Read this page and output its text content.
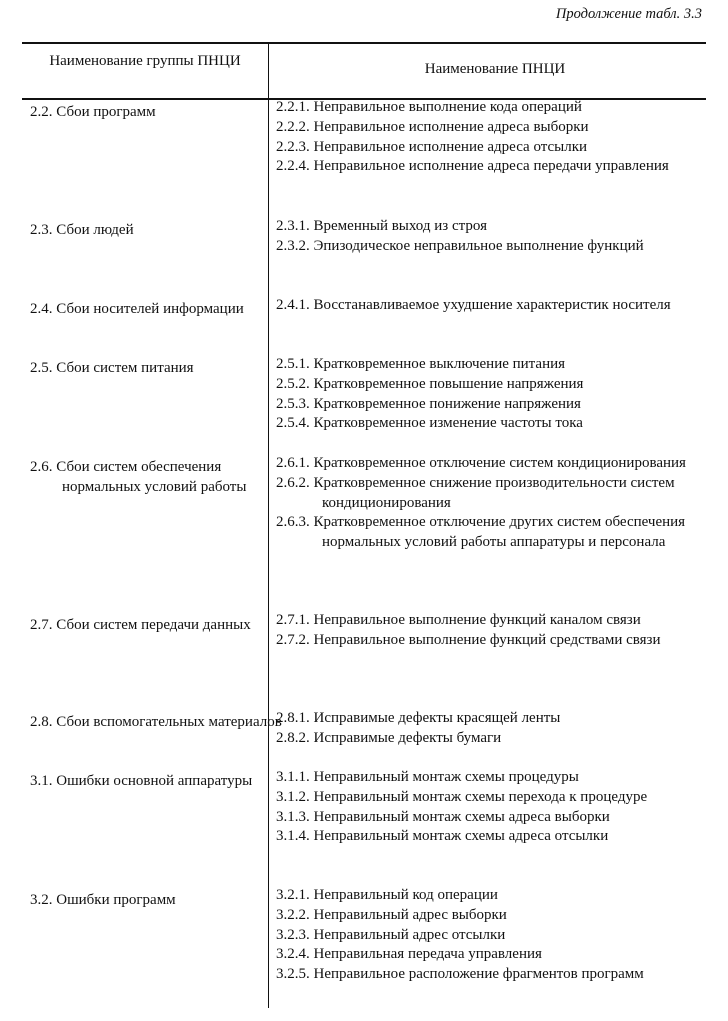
Продолжение табл. 3.3
Наименование группы ПНЦИ	Наименование ПНЦИ
2.2. Сбои программ	2.2.1. Неправильное выполнение кода операций
2.2.2. Неправильное исполнение адреса выборки
2.2.3. Неправильное исполнение адреса отсылки
2.2.4. Неправильное исполнение адреса передачи управления
2.3. Сбои людей	2.3.1. Временный выход из строя
2.3.2. Эпизодическое неправильное выполнение функций
2.4. Сбои носителей информации	2.4.1. Восстанавливаемое ухудшение характеристик носителя
2.5. Сбои систем питания	2.5.1. Кратковременное выключение питания
2.5.2. Кратковременное повышение напряжения
2.5.3. Кратковременное понижение напряжения
2.5.4. Кратковременное изменение частоты тока
2.6. Сбои систем обеспечения нормальных условий работы
2.6.1. Кратковременное отключение систем кондиционирования
2.6.2. Кратковременное снижение производительности систем кондиционирования
2.6.3. Кратковременное отключение других систем обеспечения нормальных условий работы аппаратуры и персонала
2.7. Сбои систем передачи данных	2.7.1. Неправильное выполнение функций каналом связи
2.7.2. Неправильное выполнение функций средствами связи
2.8. Сбои вспомогательных материалов
2.8.1. Исправимые дефекты красящей ленты
2.8.2. Исправимые дефекты бумаги
3.1. Ошибки основной аппаратуры	3.1.1. Неправильный монтаж схемы процедуры
3.1.2. Неправильный монтаж схемы перехода к процедуре
3.1.3. Неправильный монтаж схемы адреса выборки
3.1.4. Неправильный монтаж схемы адреса отсылки
3.2. Ошибки программ	3.2.1. Неправильный код операции
3.2.2. Неправильный адрес выборки
3.2.3. Неправильный адрес отсылки
3.2.4. Неправильная передача управления
3.2.5. Неправильное расположение фрагментов программ
